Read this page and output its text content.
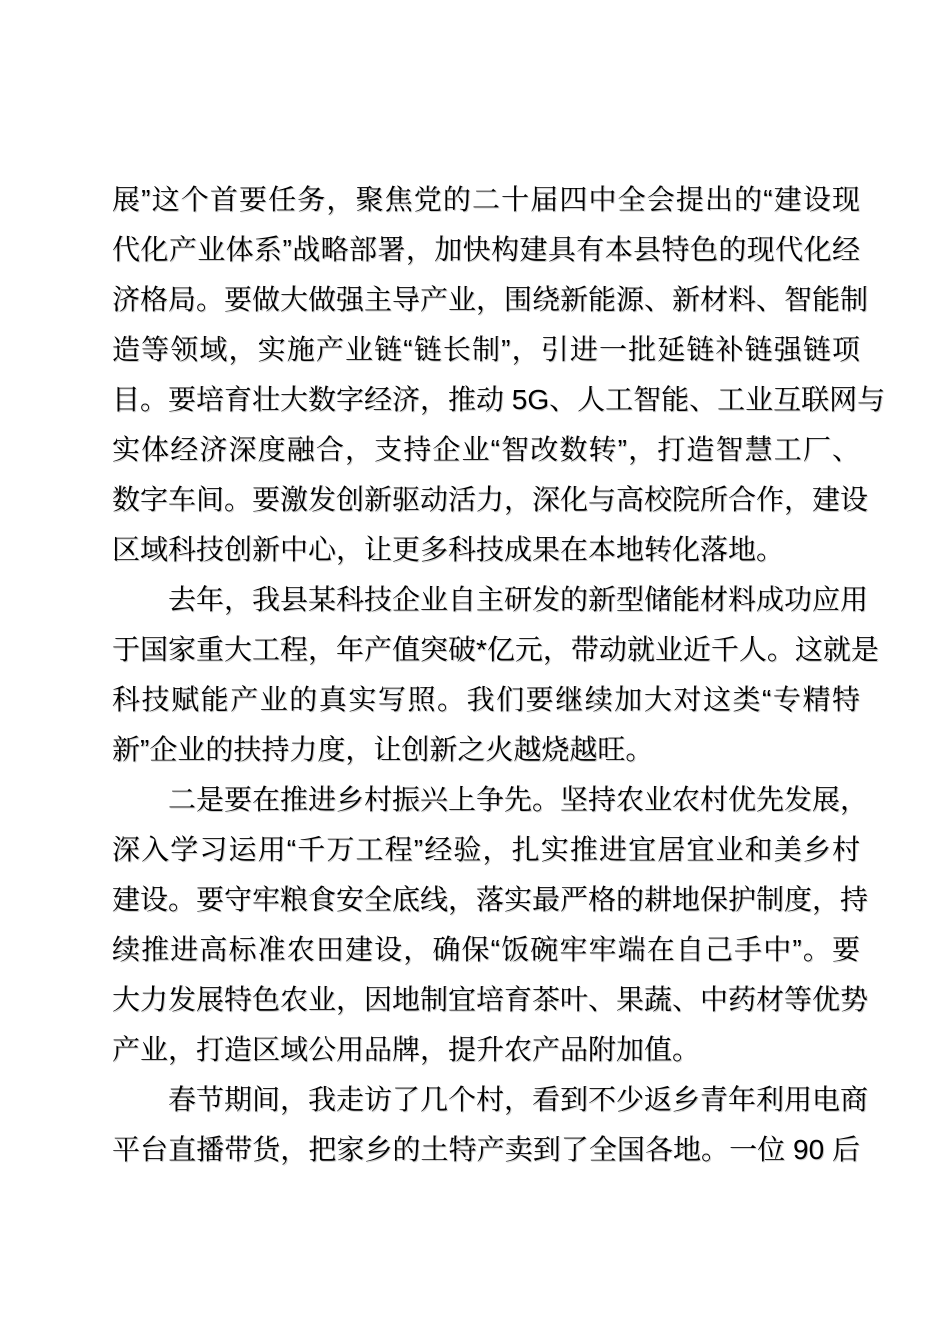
展”这个首要任务，聚焦党的二十届四中全会提出的“建设现
代化产业体系”战略部署，加快构建具有本县特色的现代化经
济格局。要做大做强主导产业，围绕新能源、新材料、智能制
造等领域，实施产业链“链长制”，引进一批延链补链强链项
目。要培育壮大数字经济，推动 5G、人工智能、工业互联网与
实体经济深度融合，支持企业“智改数转”，打造智慧工厂、
数字车间。要激发创新驱动活力，深化与高校院所合作，建设
区域科技创新中心，让更多科技成果在本地转化落地。
去年，我县某科技企业自主研发的新型储能材料成功应用
于国家重大工程，年产值突破*亿元，带动就业近千人。这就是
科技赋能产业的真实写照。我们要继续加大对这类“专精特
新”企业的扶持力度，让创新之火越烧越旺。
二是要在推进乡村振兴上争先。坚持农业农村优先发展，
深入学习运用“千万工程”经验，扎实推进宜居宜业和美乡村
建设。要守牢粮食安全底线，落实最严格的耕地保护制度，持
续推进高标准农田建设，确保“饭碗牢牢端在自己手中”。要
大力发展特色农业，因地制宜培育茶叶、果蔬、中药材等优势
产业，打造区域公用品牌，提升农产品附加值。
春节期间，我走访了几个村，看到不少返乡青年利用电商
平台直播带货，把家乡的土特产卖到了全国各地。一位 90 后
